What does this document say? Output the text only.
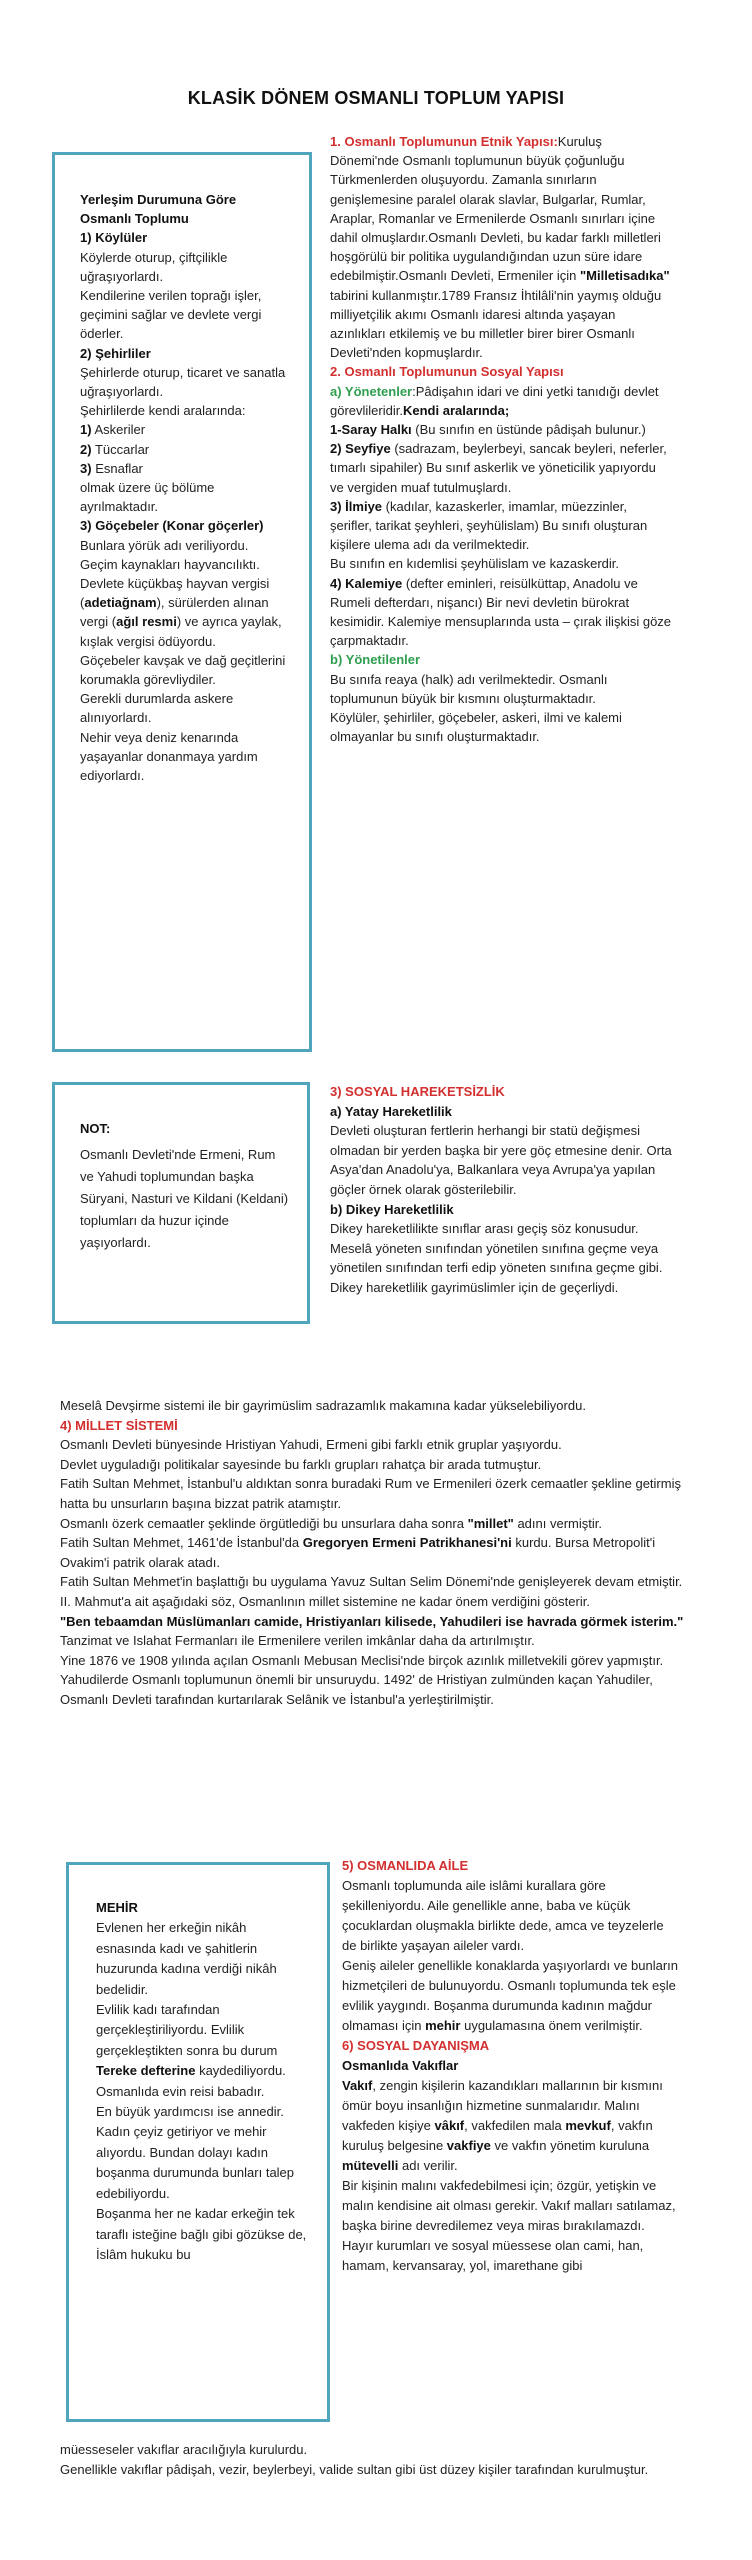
KLASİK DÖNEM OSMANLI TOPLUM YAPISI

Yerleşim Durumuna Göre Osmanlı Toplumu

1) Köylüler

Köylerde oturup, çiftçilikle uğraşıyorlardı.

Kendilerine verilen toprağı işler, geçimini sağlar ve devlete vergi öderler.

2) Şehirliler

Şehirlerde oturup, ticaret ve sanatla uğraşıyorlardı.

Şehirlilerde kendi aralarında:

1) Askeriler

2) Tüccarlar

3) Esnaflar

olmak üzere üç bölüme ayrılmaktadır.

3) Göçebeler (Konar göçerler)

Bunlara yörük adı veriliyordu.

Geçim kaynakları hayvancılıktı.

Devlete küçükbaş hayvan vergisi (adetiağnam), sürülerden alınan vergi (ağıl resmi) ve ayrıca yaylak, kışlak vergisi ödüyordu.

Göçebeler kavşak ve dağ geçitlerini korumakla görevliydiler.

Gerekli durumlarda askere alınıyorlardı.

Nehir veya deniz kenarında yaşayanlar donanmaya yardım ediyorlardı.

1. Osmanlı Toplumunun Etnik Yapısı:Kuruluş Dönemi'nde Osmanlı toplumunun büyük çoğunluğu Türkmenlerden oluşuyordu. Zamanla sınırların genişlemesine paralel olarak slavlar, Bulgarlar, Rumlar, Araplar, Romanlar ve Ermenilerde Osmanlı sınırları içine dahil olmuşlardır.Osmanlı Devleti, bu kadar farklı milletleri hoşgörülü bir politika uygulandığından uzun süre idare edebilmiştir.Osmanlı Devleti, Ermeniler için "Milletisadıka" tabirini kullanmıştır.1789 Fransız İhtilâli'nin yaymış olduğu milliyetçilik akımı Osmanlı idaresi altında yaşayan azınlıkları etkilemiş ve bu milletler birer birer Osmanlı Devleti'nden kopmuşlardır.

2. Osmanlı Toplumunun Sosyal Yapısı

a) Yönetenler:Pâdişahın idari ve dini yetki tanıdığı devlet görevlileridir.Kendi aralarında;

1-Saray Halkı (Bu sınıfın en üstünde pâdişah bulunur.)

2) Seyfiye (sadrazam, beylerbeyi, sancak beyleri, neferler, tımarlı sipahiler) Bu sınıf askerlik ve yöneticilik yapıyordu ve vergiden muaf tutulmuşlardı.

3) İlmiye (kadılar, kazaskerler, imamlar, müezzinler, şerifler, tarikat şeyhleri, şeyhülislam) Bu sınıfı oluşturan kişilere ulema adı da verilmektedir.

Bu sınıfın en kıdemlisi şeyhülislam ve kazaskerdir.

4) Kalemiye (defter eminleri, reisülküttap, Anadolu ve Rumeli defterdarı, nişancı) Bir nevi devletin bürokrat kesimidir. Kalemiye mensuplarında usta – çırak ilişkisi göze çarpmaktadır.

b) Yönetilenler

Bu sınıfa reaya (halk) adı verilmektedir. Osmanlı toplumunun büyük bir kısmını oluşturmaktadır.

Köylüler, şehirliler, göçebeler, askeri, ilmi ve kalemi olmayanlar bu sınıfı oluşturmaktadır.

NOT:

Osmanlı Devleti'nde Ermeni, Rum ve Yahudi toplumundan başka Süryani, Nasturi ve Kildani (Keldani) toplumları da huzur içinde yaşıyorlardı.

3) SOSYAL HAREKETSİZLİK

a) Yatay Hareketlilik

Devleti oluşturan fertlerin herhangi bir statü değişmesi olmadan bir yerden başka bir yere göç etmesine denir. Orta Asya'dan Anadolu'ya, Balkanlara veya Avrupa'ya yapılan göçler örnek olarak gösterilebilir.

b) Dikey Hareketlilik

Dikey hareketlilikte sınıflar arası geçiş söz konusudur. Meselâ yöneten sınıfından yönetilen sınıfına geçme veya yönetilen sınıfından terfi edip yöneten sınıfına geçme gibi.

Dikey hareketlilik gayrimüslimler için de geçerliydi.

Meselâ Devşirme sistemi ile bir gayrimüslim sadrazamlık makamına kadar yükselebiliyordu.

4) MİLLET SİSTEMİ

Osmanlı Devleti bünyesinde Hristiyan Yahudi, Ermeni gibi farklı etnik gruplar yaşıyordu.

Devlet uyguladığı politikalar sayesinde bu farklı grupları rahatça bir arada tutmuştur.

Fatih Sultan Mehmet, İstanbul'u aldıktan sonra buradaki Rum ve Ermenileri özerk cemaatler şekline getirmiş hatta bu unsurların başına bizzat patrik atamıştır.

Osmanlı özerk cemaatler şeklinde örgütlediği bu unsurlara daha sonra "millet" adını vermiştir.

Fatih Sultan Mehmet, 1461'de İstanbul'da Gregoryen Ermeni Patrikhanesi'ni kurdu. Bursa Metropolit'i Ovakim'i patrik olarak atadı.

Fatih Sultan Mehmet'in başlattığı bu uygulama Yavuz Sultan Selim Dönemi'nde genişleyerek devam etmiştir.

II. Mahmut'a ait aşağıdaki söz, Osmanlının millet sistemine ne kadar önem verdiğini gösterir.

"Ben tebaamdan Müslümanları camide, Hristiyanları kilisede, Yahudileri ise havrada görmek isterim."

Tanzimat ve Islahat Fermanları ile Ermenilere verilen imkânlar daha da artırılmıştır.

Yine 1876 ve 1908 yılında açılan Osmanlı Mebusan Meclisi'nde birçok azınlık milletvekili görev yapmıştır.

Yahudilerde Osmanlı toplumunun önemli bir unsuruydu. 1492' de Hristiyan zulmünden kaçan Yahudiler, Osmanlı Devleti tarafından kurtarılarak Selânik ve İstanbul'a yerleştirilmiştir.

MEHİR

Evlenen her erkeğin nikâh esnasında kadı ve şahitlerin huzurunda kadına verdiği nikâh bedelidir.

Evlilik kadı tarafından gerçekleştiriliyordu. Evlilik gerçekleştikten sonra bu durum Tereke defterine kaydediliyordu.

Osmanlıda evin reisi babadır.

En büyük yardımcısı ise annedir. Kadın çeyiz getiriyor ve mehir alıyordu. Bundan dolayı kadın boşanma durumunda bunları talep edebiliyordu.

Boşanma her ne kadar erkeğin tek taraflı isteğine bağlı gibi gözükse de, İslâm hukuku bu

5) OSMANLIDA AİLE

Osmanlı toplumunda aile islâmi kurallara göre şekilleniyordu. Aile genellikle anne, baba ve küçük çocuklardan oluşmakla birlikte dede, amca ve teyzelerle de birlikte yaşayan aileler vardı.

Geniş aileler genellikle konaklarda yaşıyorlardı ve bunların hizmetçileri de bulunuyordu. Osmanlı toplumunda tek eşle evlilik yaygındı. Boşanma durumunda kadının mağdur olmaması için mehir uygulamasına önem verilmiştir.

6) SOSYAL DAYANIŞMA

Osmanlıda Vakıflar

Vakıf, zengin kişilerin kazandıkları mallarının bir kısmını ömür boyu insanlığın hizmetine sunmalarıdır. Malını vakfeden kişiye vâkıf, vakfedilen mala mevkuf, vakfın kuruluş belgesine vakfiye ve vakfın yönetim kuruluna mütevelli adı verilir.

Bir kişinin malını vakfedebilmesi için; özgür, yetişkin ve malın kendisine ait olması gerekir. Vakıf malları satılamaz, başka birine devredilemez veya miras bırakılamazdı.

Hayır kurumları ve sosyal müessese olan cami, han, hamam, kervansaray, yol, imarethane gibi

müesseseler vakıflar aracılığıyla kurulurdu.

Genellikle vakıflar pâdişah, vezir, beylerbeyi, valide sultan gibi üst düzey kişiler tarafından kurulmuştur.
